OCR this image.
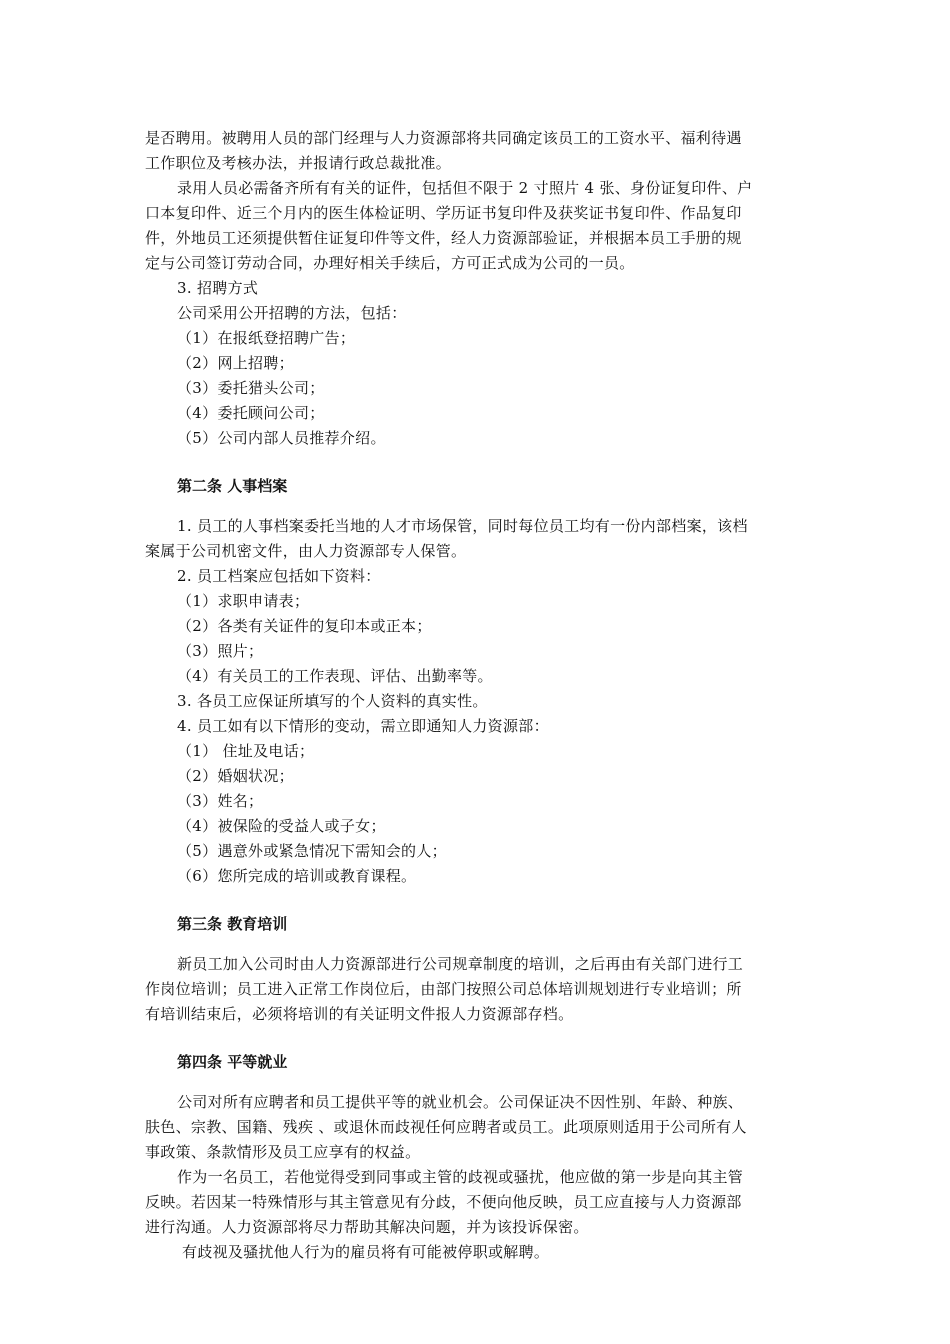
是否聘用。被聘用人员的部门经理与人力资源部将共同确定该员工的工资水平、福利待遇

工作职位及考核办法，并报请行政总裁批准。

录用人员必需备齐所有有关的证件，包括但不限于 2 寸照片 4 张、身份证复印件、户

口本复印件、近三个月内的医生体检证明、学历证书复印件及获奖证书复印件、作品复印

件，外地员工还须提供暂住证复印件等文件，经人力资源部验证，并根据本员工手册的规

定与公司签订劳动合同，办理好相关手续后，方可正式成为公司的一员。

3. 招聘方式

公司采用公开招聘的方法，包括：

（1）在报纸登招聘广告；

（2）网上招聘；

（3）委托猎头公司；

（4）委托顾问公司；

（5）公司内部人员推荐介绍。

第二条 人事档案

1. 员工的人事档案委托当地的人才市场保管，同时每位员工均有一份内部档案，该档

案属于公司机密文件，由人力资源部专人保管。

2. 员工档案应包括如下资料：

（1）求职申请表；

（2）各类有关证件的复印本或正本；

（3）照片；

（4）有关员工的工作表现、评估、出勤率等。

3. 各员工应保证所填写的个人资料的真实性。

4. 员工如有以下情形的变动，需立即通知人力资源部：

（1） 住址及电话；

（2）婚姻状况；

（3）姓名；

（4）被保险的受益人或子女；

（5）遇意外或紧急情况下需知会的人；

（6）您所完成的培训或教育课程。

第三条 教育培训

新员工加入公司时由人力资源部进行公司规章制度的培训，之后再由有关部门进行工

作岗位培训；员工进入正常工作岗位后，由部门按照公司总体培训规划进行专业培训；所

有培训结束后，必须将培训的有关证明文件报人力资源部存档。

第四条 平等就业

公司对所有应聘者和员工提供平等的就业机会。公司保证决不因性别、年龄、种族、

肤色、宗教、国籍、残疾 、或退休而歧视任何应聘者或员工。此项原则适用于公司所有人

事政策、条款情形及员工应享有的权益。

作为一名员工，若他觉得受到同事或主管的歧视或骚扰，他应做的第一步是向其主管

反映。若因某一特殊情形与其主管意见有分歧，不便向他反映，员工应直接与人力资源部

进行沟通。人力资源部将尽力帮助其解决问题，并为该投诉保密。

有歧视及骚扰他人行为的雇员将有可能被停职或解聘。
